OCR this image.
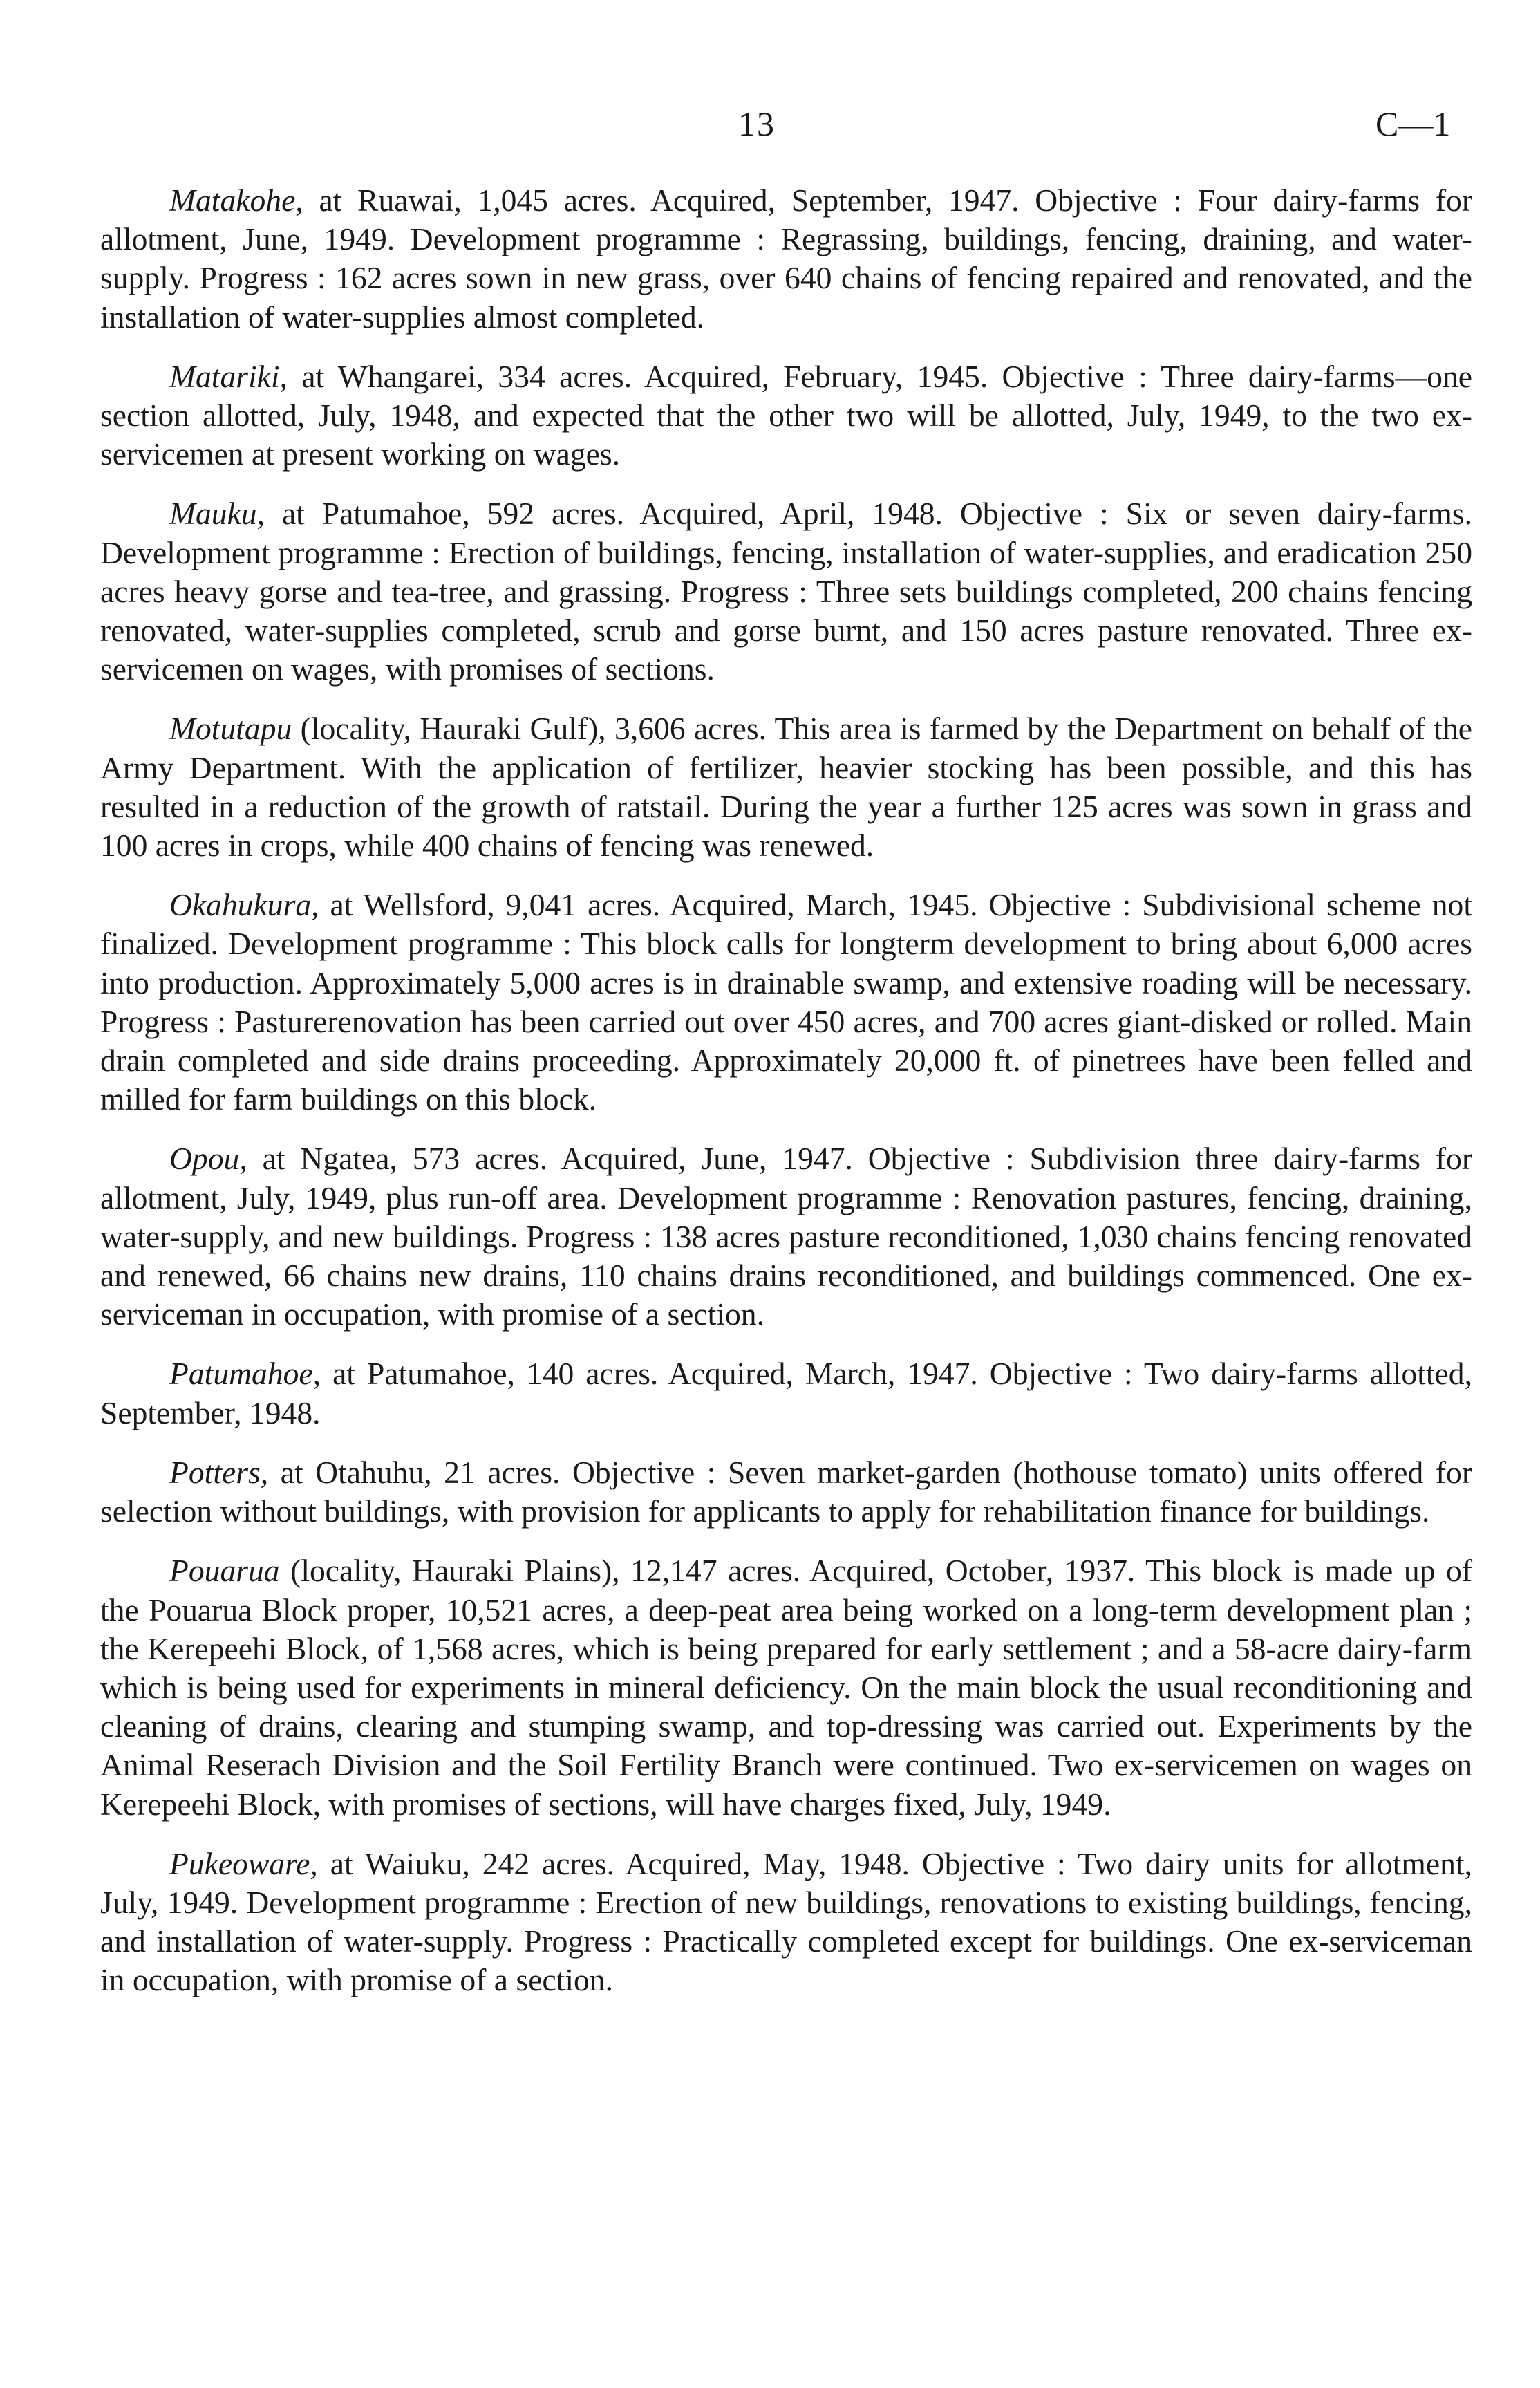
13	C—1

Matakohe, at Ruawai, 1,045 acres. Acquired, September, 1947. Objective : Four dairy-farms for allotment, June, 1949. Development programme : Regrassing, buildings, fencing, draining, and water-supply. Progress : 162 acres sown in new grass, over 640 chains of fencing repaired and renovated, and the installation of water-supplies almost completed.

Matariki, at Whangarei, 334 acres. Acquired, February, 1945. Objective : Three dairy-farms—one section allotted, July, 1948, and expected that the other two will be allotted, July, 1949, to the two ex-servicemen at present working on wages.

Mauku, at Patumahoe, 592 acres. Acquired, April, 1948. Objective : Six or seven dairy-farms. Development programme : Erection of buildings, fencing, installation of water-supplies, and eradication 250 acres heavy gorse and tea-tree, and grassing. Progress : Three sets buildings completed, 200 chains fencing renovated, water-supplies completed, scrub and gorse burnt, and 150 acres pasture renovated. Three ex-servicemen on wages, with promises of sections.

Motutapu (locality, Hauraki Gulf), 3,606 acres. This area is farmed by the Department on behalf of the Army Department. With the application of fertilizer, heavier stocking has been possible, and this has resulted in a reduction of the growth of ratstail. During the year a further 125 acres was sown in grass and 100 acres in crops, while 400 chains of fencing was renewed.

Okahukura, at Wellsford, 9,041 acres. Acquired, March, 1945. Objective : Subdivisional scheme not finalized. Development programme : This block calls for longterm development to bring about 6,000 acres into production. Approximately 5,000 acres is in drainable swamp, and extensive roading will be necessary. Progress : Pasturerenovation has been carried out over 450 acres, and 700 acres giant-disked or rolled. Main drain completed and side drains proceeding. Approximately 20,000 ft. of pinetrees have been felled and milled for farm buildings on this block.

Opou, at Ngatea, 573 acres. Acquired, June, 1947. Objective : Subdivision three dairy-farms for allotment, July, 1949, plus run-off area. Development programme : Renovation pastures, fencing, draining, water-supply, and new buildings. Progress : 138 acres pasture reconditioned, 1,030 chains fencing renovated and renewed, 66 chains new drains, 110 chains drains reconditioned, and buildings commenced. One ex-serviceman in occupation, with promise of a section.

Patumahoe, at Patumahoe, 140 acres. Acquired, March, 1947. Objective : Two dairy-farms allotted, September, 1948.

Potters, at Otahuhu, 21 acres. Objective : Seven market-garden (hothouse tomato) units offered for selection without buildings, with provision for applicants to apply for rehabilitation finance for buildings.

Pouarua (locality, Hauraki Plains), 12,147 acres. Acquired, October, 1937. This block is made up of the Pouarua Block proper, 10,521 acres, a deep-peat area being worked on a long-term development plan ; the Kerepeehi Block, of 1,568 acres, which is being prepared for early settlement ; and a 58-acre dairy-farm which is being used for experiments in mineral deficiency. On the main block the usual reconditioning and cleaning of drains, clearing and stumping swamp, and top-dressing was carried out. Experiments by the Animal Reserach Division and the Soil Fertility Branch were continued. Two ex-servicemen on wages on Kerepeehi Block, with promises of sections, will have charges fixed, July, 1949.

Pukeoware, at Waiuku, 242 acres. Acquired, May, 1948. Objective : Two dairy units for allotment, July, 1949. Development programme : Erection of new buildings, renovations to existing buildings, fencing, and installation of water-supply. Progress : Practically completed except for buildings. One ex-serviceman in occupation, with promise of a section.
